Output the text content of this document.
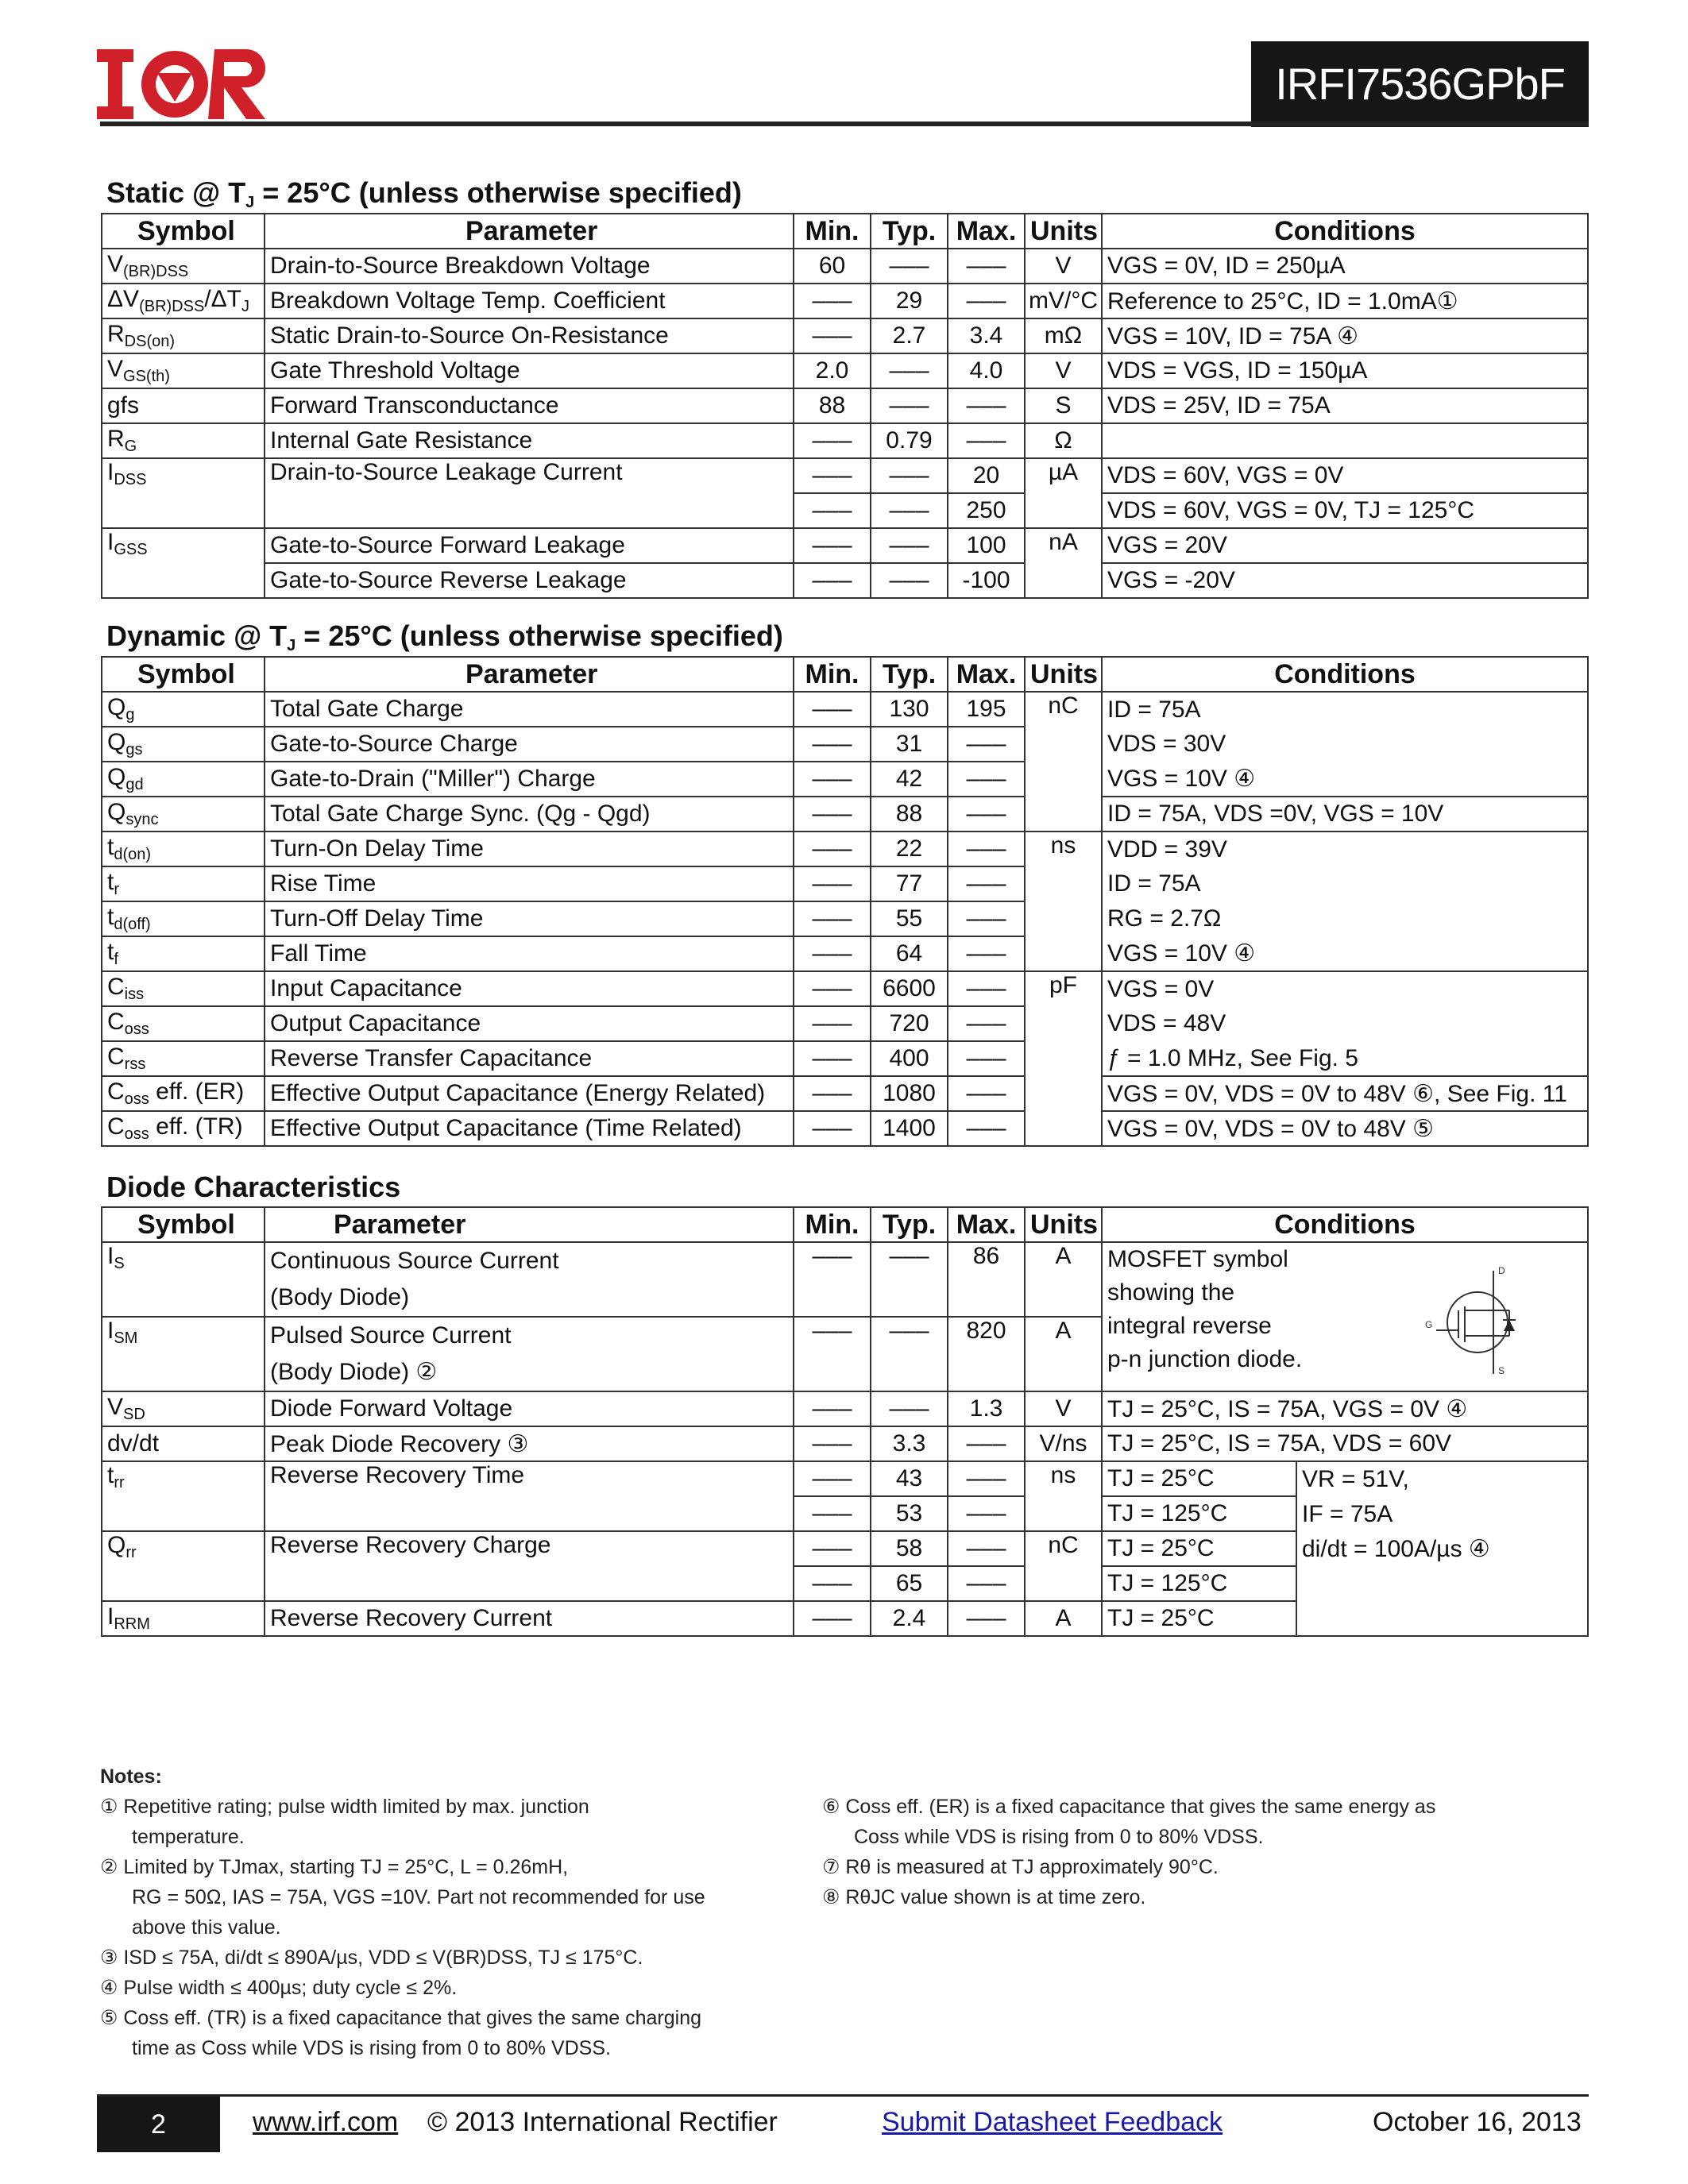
IOR
IRFI7536GPbF
Static @ $T_J = 25^\circ C$ (unless otherwise specified)
Symbol	Parameter	Min.	Typ.	Max.	Units	Conditions
$V_{(BR)DSS}$	Drain-to-Source Breakdown Voltage	60	–––	–––	V	VGS = 0V, ID = 250µA
$\Delta V_{(BR)DSS}/\Delta T_J$	Breakdown Voltage Temp. Coefficient	–––	29	–––	mV/°C	Reference to 25°C, ID = 1.0mA①
$R_{DS(on)}$	Static Drain-to-Source On-Resistance	–––	2.7	3.4	mΩ	VGS = 10V, ID = 75A ④
$V_{GS(th)}$	Gate Threshold Voltage	2.0	–––	4.0	V	VDS = VGS, ID = 150µA
gfs	Forward Transconductance	88	–––	–––	S	VDS = 25V, ID = 75A
$R_G$	Internal Gate Resistance	–––	0.79	–––	Ω	
$I_{DSS}$	Drain-to-Source Leakage Current	–––	–––	20	µA	VDS = 60V, VGS = 0V
		–––	–––	250		VDS = 60V, VGS = 0V, TJ = 125°C
$I_{GSS}$	Gate-to-Source Forward Leakage	–––	–––	100	nA	VGS = 20V
	Gate-to-Source Reverse Leakage	–––	–––	-100		VGS = -20V
Dynamic @ $T_J = 25^\circ C$ (unless otherwise specified)
Symbol	Parameter	Min.	Typ.	Max.	Units	Conditions
$Q_g$	Total Gate Charge	–––	130	195	nC	ID = 75A
$Q_{gs}$	Gate-to-Source Charge	–––	31	–––		VDS = 30V
$Q_{gd}$	Gate-to-Drain ("Miller") Charge	–––	42	–––		VGS = 10V ④
$Q_{sync}$	Total Gate Charge Sync. (Qg - Qgd)	–––	88	–––		ID = 75A, VDS =0V, VGS = 10V
$t_{d(on)}$	Turn-On Delay Time	–––	22	–––	ns	VDD = 39V
$t_r$	Rise Time	–––	77	–––		ID = 75A
$t_{d(off)}$	Turn-Off Delay Time	–––	55	–––		RG = 2.7Ω
$t_f$	Fall Time	–––	64	–––		VGS = 10V ④
$C_{iss}$	Input Capacitance	–––	6600	–––	pF	VGS = 0V
$C_{oss}$	Output Capacitance	–––	720	–––		VDS = 48V
$C_{rss}$	Reverse Transfer Capacitance	–––	400	–––		ƒ = 1.0 MHz, See Fig. 5
$C_{oss}$ eff. (ER)	Effective Output Capacitance (Energy Related)	–––	1080	–––		VGS = 0V, VDS = 0V to 48V ⑥, See Fig. 11
$C_{oss}$ eff. (TR)	Effective Output Capacitance (Time Related)	–––	1400	–––		VGS = 0V, VDS = 0V to 48V ⑤
Diode Characteristics
Symbol	Parameter	Min.	Typ.	Max.	Units	Conditions	
$I_S$	Continuous Source Current
(Body Diode)	–––	–––	86	A	MOSFET symbol
showing the
integral reverse
p-n junction diode.	
$I_{SM}$	Pulsed Source Current
(Body Diode) ②	–––	–––	820	A		
$V_{SD}$	Diode Forward Voltage	–––	–––	1.3	V	TJ = 25°C, IS = 75A, VGS = 0V ④	
dv/dt	Peak Diode Recovery ③	–––	3.3	–––	V/ns	TJ = 25°C, IS = 75A, VDS = 60V	
$t_{rr}$	Reverse Recovery Time	–––	43	–––	ns	TJ = 25°C	VR = 51V,
IF = 75A
di/dt = 100A/µs ④
		–––	53	–––		TJ = 125°C	
$Q_{rr}$	Reverse Recovery Charge	–––	58	–––	nC	TJ = 25°C	
		–––	65	–––		TJ = 125°C	
$I_{RRM}$	Reverse Recovery Current	–––	2.4	–––	A	TJ = 25°C	
D
G
S
Notes:
① Repetitive rating; pulse width limited by max. junction
temperature.
② Limited by TJmax, starting TJ = 25°C, L = 0.26mH,
RG = 50Ω, IAS = 75A, VGS =10V. Part not recommended for use
above this value.
③ ISD ≤ 75A, di/dt ≤ 890A/µs, VDD ≤ V(BR)DSS, TJ ≤ 175°C.
④ Pulse width ≤ 400µs; duty cycle ≤ 2%.
⑤ Coss eff. (TR) is a fixed capacitance that gives the same charging
time as Coss while VDS is rising from 0 to 80% VDSS.
⑥ Coss eff. (ER) is a fixed capacitance that gives the same energy as
Coss while VDS is rising from 0 to 80% VDSS.
⑦ Rθ is measured at TJ approximately 90°C.
⑧ RθJC value shown is at time zero.
2	www.irf.com © 2013 International Rectifier	Submit Datasheet Feedback	October 16, 2013
